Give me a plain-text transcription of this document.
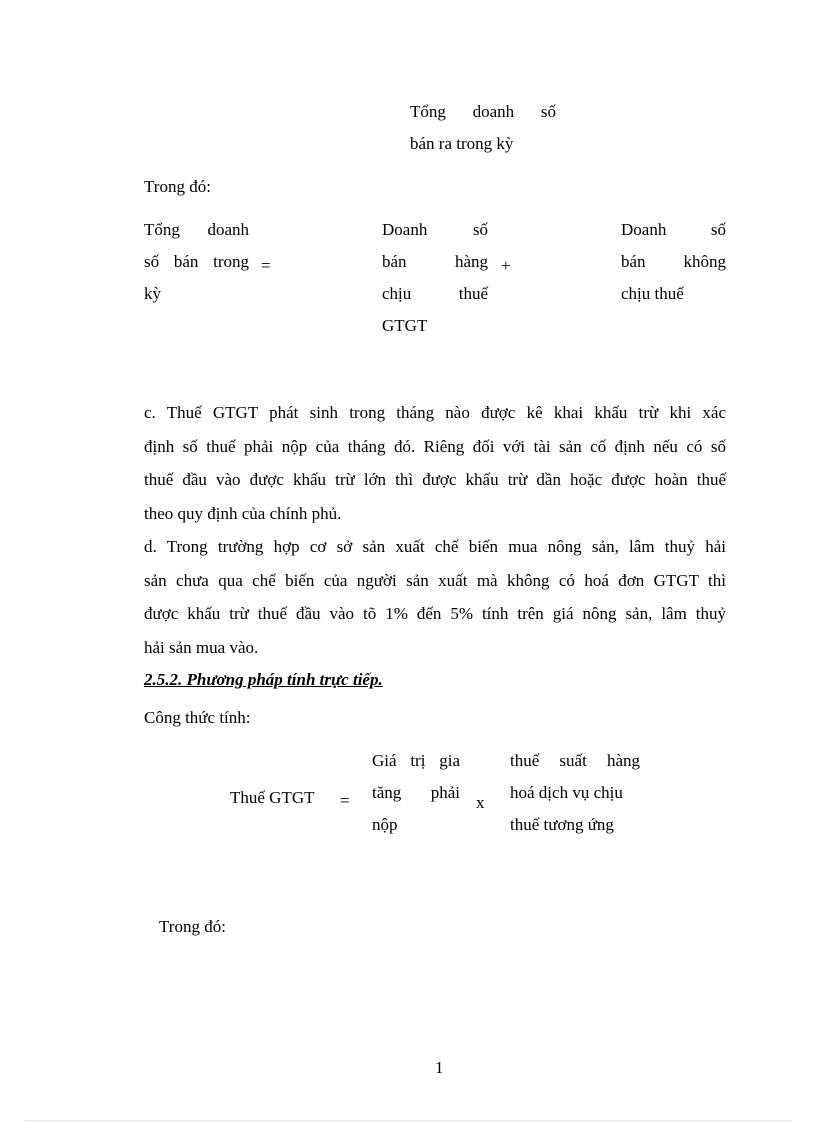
Tổng doanh số
bán ra trong kỳ
Trong đó:
Tổng doanh
số bán trong
kỳ
=
Doanh số
bán hàng
chịu thuế
GTGT
+
Doanh số
bán không
chịu thuế
c. Thuế GTGT phát sinh trong tháng nào được kê khai khấu trừ khi xác
định số thuế phải nộp của tháng đó. Riêng đối với tài sản cố định nếu có số
thuế đầu vào được khấu trừ lớn thì được khấu trừ dần hoặc được hoàn thuế
theo quy định của chính phủ.
d. Trong trường hợp cơ sở sản xuất chế biến mua nông sản, lâm thuỷ hải
sản chưa qua chế biến của người sản xuất mà không có hoá đơn GTGT thì
được khấu trừ thuế đầu vào tõ 1% đến 5% tính trên giá nông sản, lâm thuỷ
hải sản mua vào.
2.5.2. Phương pháp tính trực tiếp.
Công thức tính:
Thuế GTGT =
Giá trị gia
tăng phải
nộp
x
thuế suất hàng
hoá dịch vụ chịu
thuế tương ứng
Trong đó:
1
